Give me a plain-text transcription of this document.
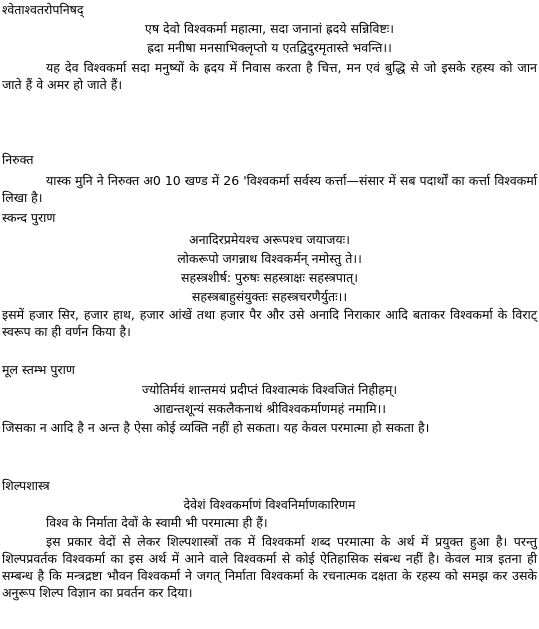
श्वेताश्वतरोपनिषद्
एष देवो विश्वकर्मा महात्मा, सदा जनानां ह्रदये सन्निविष्टः।
ह्रदा मनीषा मनसाभिक्लृप्तो य एतद्विदुरमृतास्ते भवन्ति।।
यह देव विश्वकर्मा सदा मनुष्यों के ह्रदय में निवास करता है चित्त, मन एवं बुद्धि से जो इसके रहस्य को जान जाते हैं वे अमर हो जाते हैं।
निरुक्त
यास्क मुनि ने निरुक्त अ0 10 खण्ड में 26 'विश्वकर्मा सर्वस्य कर्त्ता—संसार में सब पदार्थों का कर्त्ता विश्वकर्मा लिखा है।
स्कन्द पुराण
अनादिरप्रमेयश्च अरूपश्च जयाजयः।
लोकरूपो जगन्नाथ विश्वकर्मन् नमोस्तु ते।।
सहस्त्रशीर्ष: पुरुषः सहस्त्राक्षः सहस्त्रपात्।
सहस्त्रबाहुसंयुक्तः सहस्त्रचरणैर्युतः।।
इसमें हजार सिर, हजार हाथ, हजार आंखें तथा हजार पैर और उसे अनादि निराकार आदि बताकर विश्वकर्मा के विराट् स्वरूप का ही वर्णन किया है।
मूल स्तम्भ पुराण
ज्योतिर्मयं शान्तमयं प्रदीप्तं विश्वात्मकं विश्वजितं निहीहम्।
आद्यन्तशून्यं सकलैकनाथं श्रीविश्वकर्माणमहं नमामि।।
जिसका न आदि है न अन्त है ऐसा कोई व्यक्ति नहीं हो सकता। यह केवल परमात्मा हो सकता है।
शिल्पशास्त्र
देवेशं विश्वकर्माणं विश्वनिर्माणकारिणम
विश्व के निर्माता देवों के स्वामी भी परमात्मा ही हैं।
इस प्रकार वेदों से लेकर शिल्पशास्त्रों तक में विश्वकर्मा शब्द परमात्मा के अर्थ में प्रयुक्त हुआ है। परन्तु शिल्पप्रवर्तक विश्वकर्मा का इस अर्थ में आने वाले विश्वकर्मा से कोई ऐतिहासिक संबन्ध नहीं है। केवल मात्र इतना ही सम्बन्ध है कि मन्त्रद्रष्टा भौवन विश्वकर्मा ने जगत् निर्माता विश्वकर्मा के रचनात्मक दक्षता के रहस्य को समझ कर उसके अनुरूप शिल्प विज्ञान का प्रवर्तन कर दिया।
